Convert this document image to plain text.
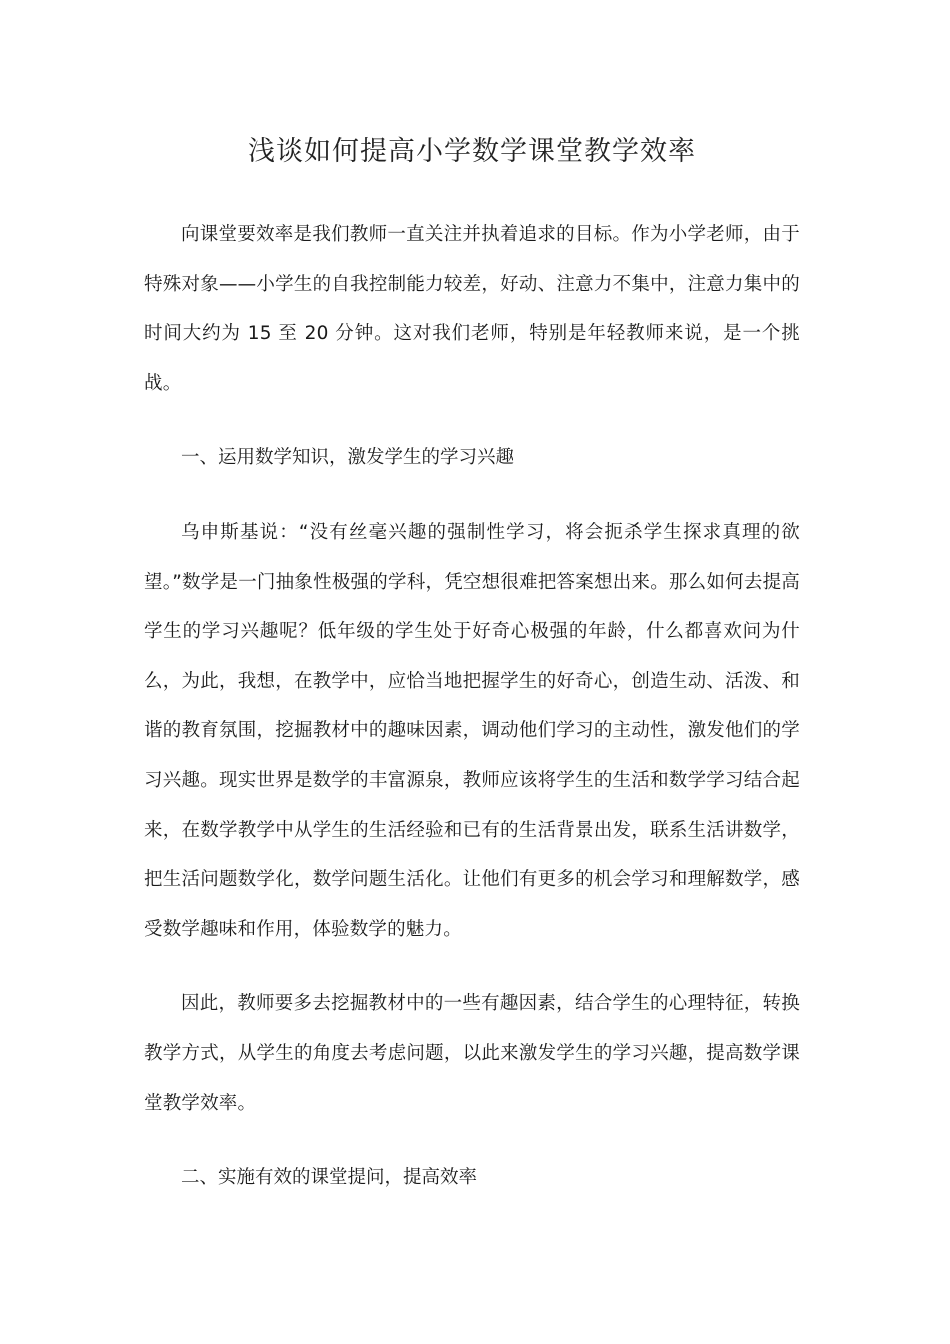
浅谈如何提高小学数学课堂教学效率

向课堂要效率是我们教师一直关注并执着追求的目标。作为小学老师，由于特殊对象——小学生的自我控制能力较差，好动、注意力不集中，注意力集中的时间大约为 15 至 20 分钟。这对我们老师，特别是年轻教师来说，是一个挑战。

一、运用数学知识，激发学生的学习兴趣

乌申斯基说：“没有丝毫兴趣的强制性学习，将会扼杀学生探求真理的欲望。”数学是一门抽象性极强的学科，凭空想很难把答案想出来。那么如何去提高学生的学习兴趣呢？低年级的学生处于好奇心极强的年龄，什么都喜欢问为什么，为此，我想，在教学中，应恰当地把握学生的好奇心，创造生动、活泼、和谐的教育氛围，挖掘教材中的趣味因素，调动他们学习的主动性，激发他们的学习兴趣。现实世界是数学的丰富源泉，教师应该将学生的生活和数学学习结合起来，在数学教学中从学生的生活经验和已有的生活背景出发，联系生活讲数学，把生活问题数学化，数学问题生活化。让他们有更多的机会学习和理解数学，感受数学趣味和作用，体验数学的魅力。

因此，教师要多去挖掘教材中的一些有趣因素，结合学生的心理特征，转换教学方式，从学生的角度去考虑问题，以此来激发学生的学习兴趣，提高数学课堂教学效率。

二、实施有效的课堂提问，提高效率
